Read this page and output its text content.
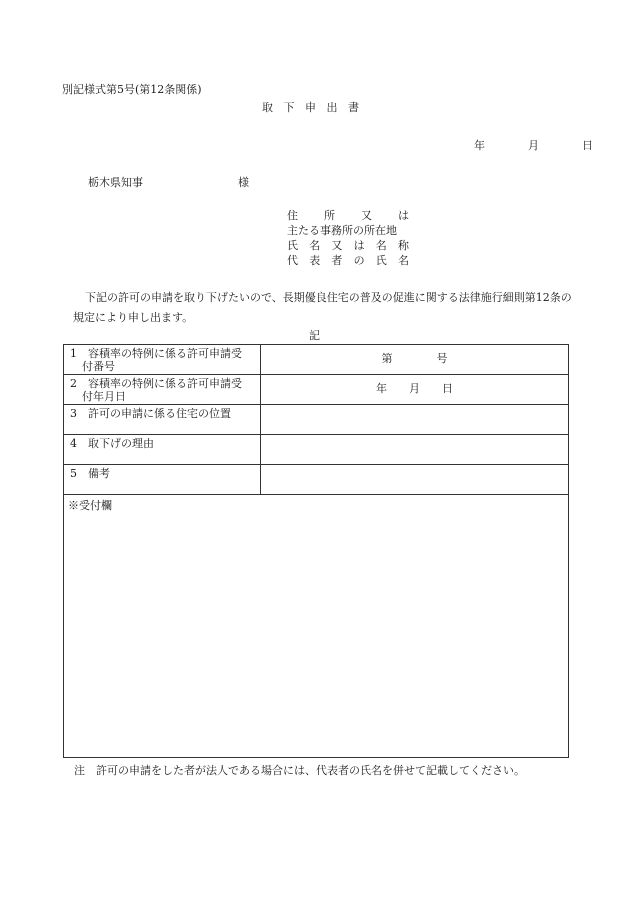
別記様式第5号(第12条関係)
取下申出書
年	月	日
栃木県知事	様
住 所 又 は
主たる事務所の所在地
氏 名 又 は 名 称
代 表 者 の 氏 名
下記の許可の申請を取り下げたいので、長期優良住宅の普及の促進に関する法律施行細則第12条の規定により申し出ます。
記
1 容積率の特例に係る許可申請受
付番号	第　　　　号

2 容積率の特例に係る許可申請受
付年月日	年　　月　　日

3 許可の申請に係る住宅の位置	

4 取下げの理由	

5 備考	

※受付欄	
注　許可の申請をした者が法人である場合には、代表者の氏名を併せて記載してください。
